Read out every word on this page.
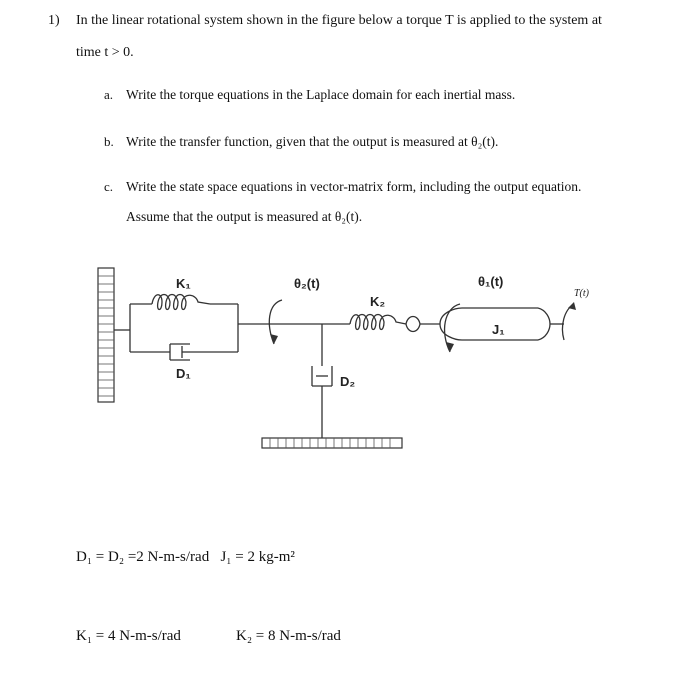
1) In the linear rotational system shown in the figure below a torque T is applied to the system at
time t > 0.
a. Write the torque equations in the Laplace domain for each inertial mass.
b. Write the transfer function, given that the output is measured at θ₂(t).
c. Write the state space equations in vector-matrix form, including the output equation.
Assume that the output is measured at θ₂(t).
K₁
D₁
θ₂(t)
K₂
D₂
θ₁(t)
J₁
T(t)
D₁ = D₂ =2 N-m-s/rad J₁ = 2 kg-m²
K₁ = 4 N-m-s/rad	K₂ = 8 N-m-s/rad
